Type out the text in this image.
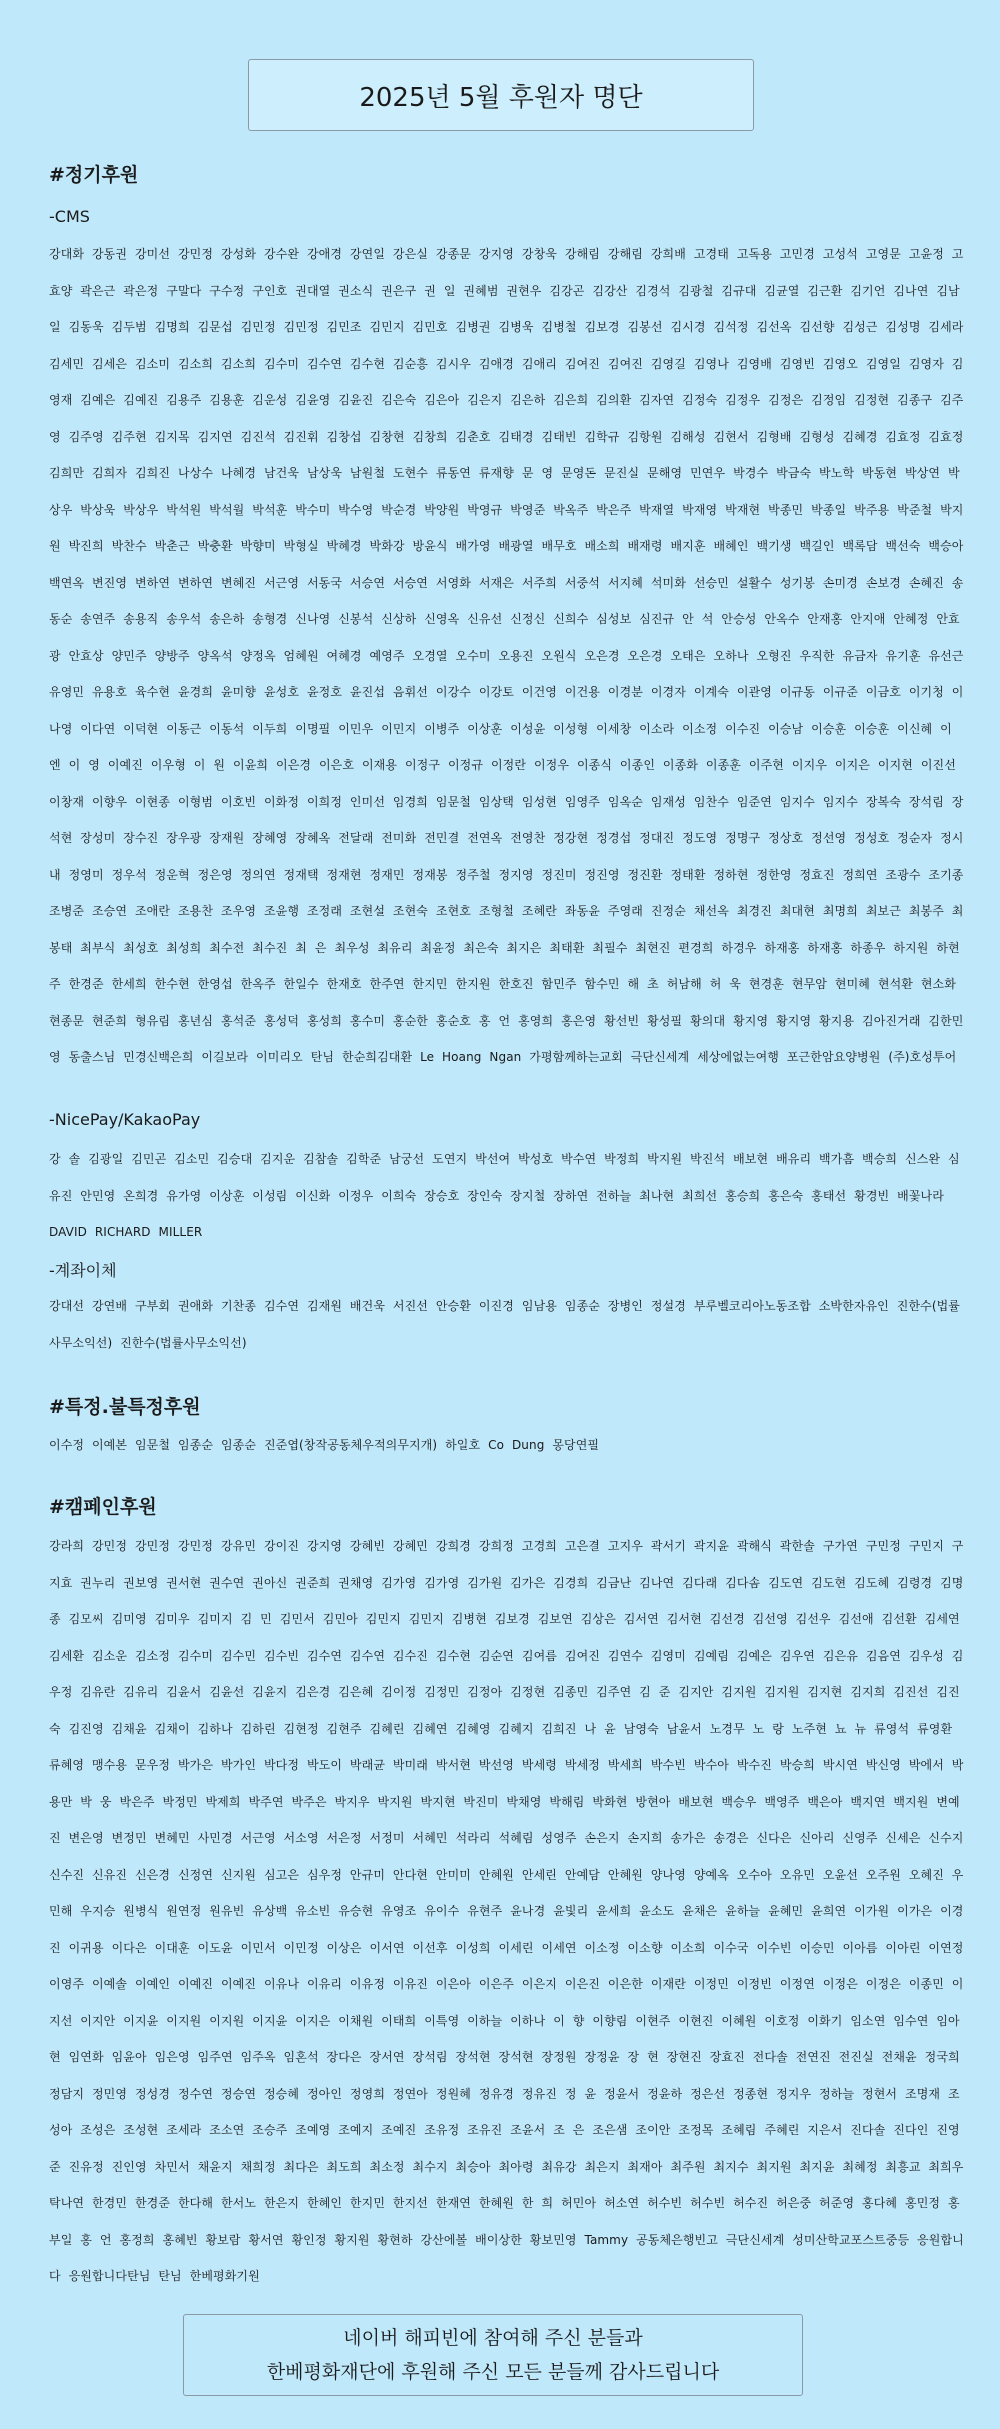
2025년 5월 후원자 명단
#정기후원
-CMS
강대화 강동권 강미선 강민정 강성화 강수완 강애경 강연일 강은실 강종문 강지영 강창욱 강해림 강해림 강희배 고경태 고독용 고민경 고성석 고영문 고윤정 고효양 곽은근 곽은정 구말다 구수정 구인호 권대열 권소식 권은구 권 일 권혜범 권현우 김강곤 김강산 김경석 김광철 김규대 김균열 김근환 김기언 김나연 김남일 김동욱 김두범 김명희 김문섭 김민정 김민정 김민조 김민지 김민호 김병권 김병욱 김병철 김보경 김봉선 김시경 김석정 김선옥 김선향 김성근 김성명 김세라 김세민 김세은 김소미 김소희 김소희 김수미 김수연 김수현 김순흥 김시우 김애경 김애리 김여진 김여진 김영길 김영나 김영배 김영빈 김영오 김영일 김영자 김영재 김예은 김예진 김용주 김용훈 김운성 김윤영 김윤진 김은숙 김은아 김은지 김은하 김은희 김의환 김자연 김정숙 김정우 김정은 김정임 김정현 김종구 김주영 김주영 김주현 김지목 김지연 김진석 김진휘 김창섭 김창현 김창희 김춘호 김태경 김태빈 김학규 김항원 김해성 김현서 김형배 김형성 김혜경 김효정 김효정 김희만 김희자 김희진 나상수 나혜경 남건욱 남상욱 남원철 도현수 류동연 류재향 문 영 문영돈 문진실 문해영 민연우 박경수 박금숙 박노학 박동현 박상연 박상우 박상욱 박상우 박석원 박석월 박석훈 박수미 박수영 박순경 박양원 박영규 박영준 박옥주 박은주 박재열 박재영 박재현 박종민 박종일 박주용 박준철 박지원 박진희 박찬수 박춘근 박충환 박향미 박형실 박혜경 박화강 방윤식 배가영 배광열 배무호 배소희 배재령 배지훈 배혜인 백기생 백길인 백록담 백선숙 백승아 백연옥 변진영 변하연 변하연 변혜진 서근영 서동국 서승연 서승연 서영화 서재은 서주희 서중석 서지혜 석미화 선승민 설활수 성기봉 손미경 손보경 손혜진 송동순 송연주 송용직 송우석 송은하 송형경 신나영 신봉석 신상하 신영옥 신유선 신정신 신희수 심성보 심진규 안 석 안승성 안옥수 안재홍 안지애 안혜정 안효광 안효상 양민주 양방주 양옥석 양정옥 엄혜원 여혜경 예영주 오경열 오수미 오용진 오원식 오은경 오은경 오태은 오하나 오형진 우직한 유금자 유기훈 유선근 유영민 유용호 육수현 윤경희 윤미향 윤성호 윤정호 윤진섭 음휘선 이강수 이강토 이건영 이건용 이경분 이경자 이계숙 이관영 이규동 이규준 이금호 이기청 이나영 이다연 이덕현 이동근 이동석 이두희 이명필 이민우 이민지 이병주 이상훈 이성윤 이성형 이세창 이소라 이소정 이수진 이승남 이승훈 이승훈 이신혜 이 엔 이 영 이예진 이우형 이 원 이윤희 이은경 이은호 이재용 이정구 이정규 이정란 이정우 이종식 이종인 이종화 이종훈 이주현 이지우 이지은 이지현 이진선 이창재 이향우 이현종 이형범 이호빈 이화정 이희정 인미선 임경희 임문철 임상택 임성현 임영주 임옥순 임재성 임찬수 임준연 임지수 임지수 장복숙 장석림 장석현 장성미 장수진 장우광 장재원 장혜영 장혜옥 전달래 전미화 전민결 전연옥 전영찬 정강현 정경섭 정대진 정도영 정명구 정상호 정선영 정성호 정순자 정시내 정영미 정우석 정운혁 정은영 정의연 정재택 정재현 정재민 정재봉 정주철 정지영 정진미 정진영 정진환 정태환 정하현 정한영 정효진 정희연 조광수 조기종 조병준 조승연 조애란 조용찬 조우영 조윤행 조정래 조현설 조현숙 조현호 조형철 조혜란 좌동윤 주영래 진정순 채선옥 최경진 최대현 최명희 최보근 최봉주 최봉태 최부식 최성호 최성희 최수전 최수진 최 은 최우성 최유리 최윤정 최은숙 최지은 최태환 최필수 최현진 편경희 하경우 하재홍 하재홍 하종우 하지원 하현주 한경준 한세희 한수현 한영섭 한옥주 한일수 한재호 한주연 한지민 한지원 한호진 함민주 함수민 해 초 허남해 허 욱 현경훈 현무암 현미혜 현석환 현소화 현종문 현준희 형유림 홍년심 홍석준 홍성덕 홍성희 홍수미 홍순한 홍순호 홍 언 홍영희 홍은영 황선빈 황성필 황의대 황지영 황지영 황지용 김아진거래 김한민영 동출스님 민경신백은희 이길보라 이미리오 탄님 한순희김대환 Le Hoang Ngan 가평함께하는교회 극단신세계 세상에없는여행 포근한암요양병원 (주)호성투어
-NicePay/KakaoPay
강 솔 김광일 김민곤 김소민 김승대 김지운 김참솔 김학준 남궁선 도연지 박선여 박성호 박수연 박정희 박지원 박진석 배보현 배유리 백가흠 백승희 신스완 심유진 안민영 온희경 유가영 이상훈 이성림 이신화 이정우 이희숙 장승호 장인숙 장지철 장하연 전하늘 최나현 최희선 홍승희 홍은숙 홍태선 황경빈 배꽃나라 DAVID RICHARD MILLER
-계좌이체
강대선 강연배 구부회 권애화 기찬종 김수연 김재원 배건욱 서진선 안승환 이진경 임남용 임종순 장병인 정설경 부루벨코리아노동조합 소박한자유인 진한수(법률사무소익선) 진한수(법률사무소익선)
#특정.불특정후원
이수정 이예본 임문철 임종순 임종순 진준엽(창작공동체우적의무지개) 하일호 Co Dung 몽당연필
#캠페인후원
강라희 강민정 강민정 강민정 강유민 강이진 강지영 강혜빈 강혜민 강희경 강희정 고경희 고은결 고지우 곽서기 곽지윤 곽해식 곽한솔 구가연 구민정 구민지 구지효 권누리 권보영 권서현 권수연 권아신 권준희 권채영 김가영 김가영 김가원 김가은 김경희 김금난 김나연 김다래 김다솜 김도연 김도현 김도혜 김령경 김명종 김모씨 김미영 김미우 김미지 김 민 김민서 김민아 김민지 김민지 김병현 김보경 김보연 김상은 김서연 김서현 김선경 김선영 김선우 김선애 김선환 김세연 김세환 김소운 김소정 김수미 김수민 김수빈 김수연 김수연 김수진 김수현 김순연 김여름 김여진 김연수 김영미 김예림 김예은 김우연 김은유 김음연 김우성 김우정 김유란 김유리 김윤서 김윤선 김윤지 김은경 김은혜 김이정 김정민 김정아 김정현 김종민 김주연 김 준 김지안 김지원 김지원 김지현 김지희 김진선 김진숙 김진영 김채윤 김채이 김하나 김하린 김현정 김현주 김혜린 김혜연 김혜영 김혜지 김희진 나 윤 남영숙 남윤서 노경무 노 랑 노주현 뇨 뉴 류영석 류영환 류혜영 맹수용 문우정 박가은 박가인 박다정 박도이 박래균 박미래 박서현 박선영 박세령 박세정 박세희 박수빈 박수아 박수진 박승희 박시연 박신영 박에서 박용만 박 웅 박은주 박정민 박제희 박주연 박주은 박지우 박지원 박지현 박진미 박채영 박해림 박화현 방현아 배보현 백승우 백영주 백은아 백지연 백지원 변예진 변은영 변정민 변혜민 사민경 서근영 서소영 서은정 서정미 서혜민 석라리 석혜림 성영주 손은지 손지희 송가은 송경은 신다은 신아리 신영주 신세은 신수지 신수진 신유진 신은경 신정연 신지원 심고은 심우정 안규미 안다현 안미미 안혜원 안세린 안예담 안혜원 양나영 양예옥 오수아 오유민 오윤선 오주원 오혜진 우민해 우지승 원병식 원연정 원유빈 유상백 유소빈 유승현 유영조 유이수 유현주 윤나경 윤빛리 윤세희 윤소도 윤채은 윤하늘 윤혜민 윤희연 이가원 이가은 이경진 이귀용 이다은 이대훈 이도윤 이민서 이민정 이상은 이서연 이선후 이성희 이세린 이세연 이소정 이소향 이소희 이수국 이수빈 이승민 이아름 이아린 이연정 이영주 이예솔 이예인 이예진 이예진 이유나 이유리 이유정 이유진 이은아 이은주 이은지 이은진 이은한 이재란 이정민 이정빈 이정연 이정은 이정은 이종민 이지선 이지안 이지윤 이지원 이지원 이지윤 이지은 이채원 이태희 이특영 이하늘 이하나 이 향 이향림 이현주 이현진 이혜원 이호정 이화기 임소연 임수연 임아현 임연화 임윤아 임은영 임주연 임주옥 임혼석 장다은 장서연 장석림 장석현 장석현 장정원 장정윤 장 현 장현진 장효진 전다솔 전연진 전진실 전채윤 정국희 정담지 정민영 정성경 정수연 정승연 정승혜 정아인 정영희 정연아 정원혜 정유경 정유진 정 윤 정윤서 정윤하 정은선 정종현 정지우 정하늘 정현서 조명재 조성아 조성은 조성현 조세라 조소연 조승주 조예영 조예지 조예진 조유정 조유진 조윤서 조 은 조은샘 조이안 조정목 조혜림 주혜린 지은서 진다솔 진다인 진영준 진유정 진인영 차민서 채윤지 채희정 최다은 최도희 최소정 최수지 최승아 최아령 최유강 최은지 최재아 최주원 최지수 최지원 최지윤 최혜정 최흥교 최희우 탁나연 한경민 한경준 한다해 한서노 한은지 한혜인 한지민 한지선 한재연 한혜원 한 희 허민아 허소연 허수빈 허수빈 허수진 허은중 허준영 홍다혜 홍민정 홍부일 홍 언 홍정희 홍혜빈 황보람 황서연 황인정 황지원 황현하 강산에볼 배이상한 황보민영 Tammy 공동체은행빈고 극단신세계 성미산학교포스트중등 응원합니다 응원합니다탄님 탄님 한베평화기원
네이버 해피빈에 참여해 주신 분들과
한베평화재단에 후원해 주신 모든 분들께 감사드립니다
